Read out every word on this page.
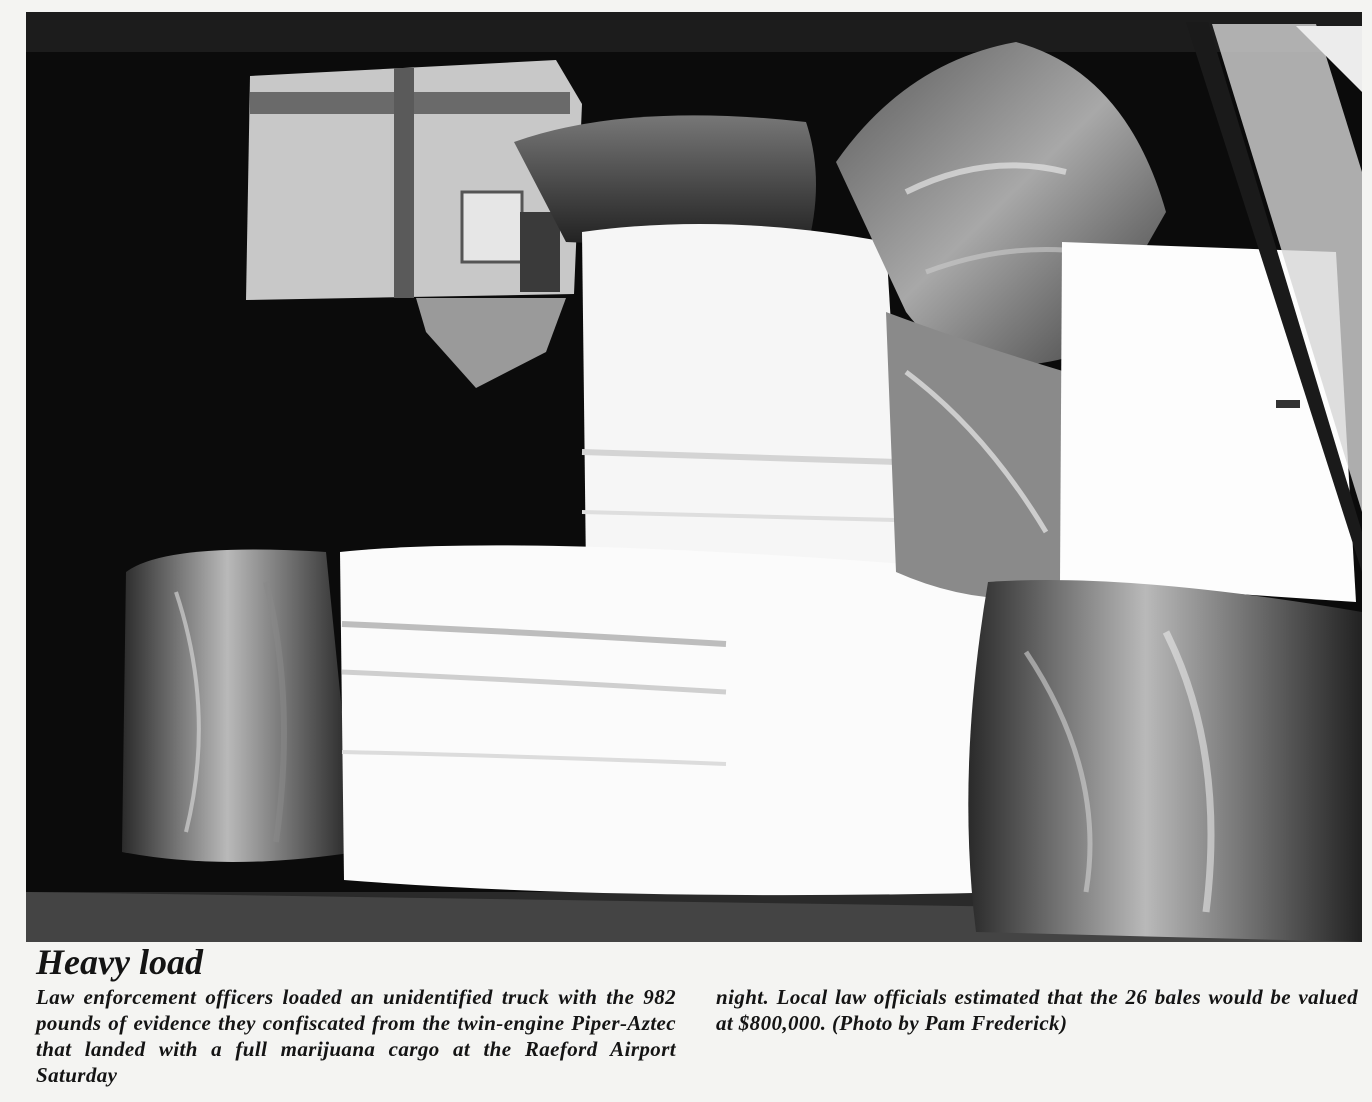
Heavy load

Law enforcement officers loaded an unidentified truck with the 982 pounds of evidence they confiscated from the twin-engine Piper-Aztec that landed with a full marijuana cargo at the Raeford Airport Saturday

night. Local law officials estimated that the 26 bales would be valued at $800,000. (Photo by Pam Frederick)
